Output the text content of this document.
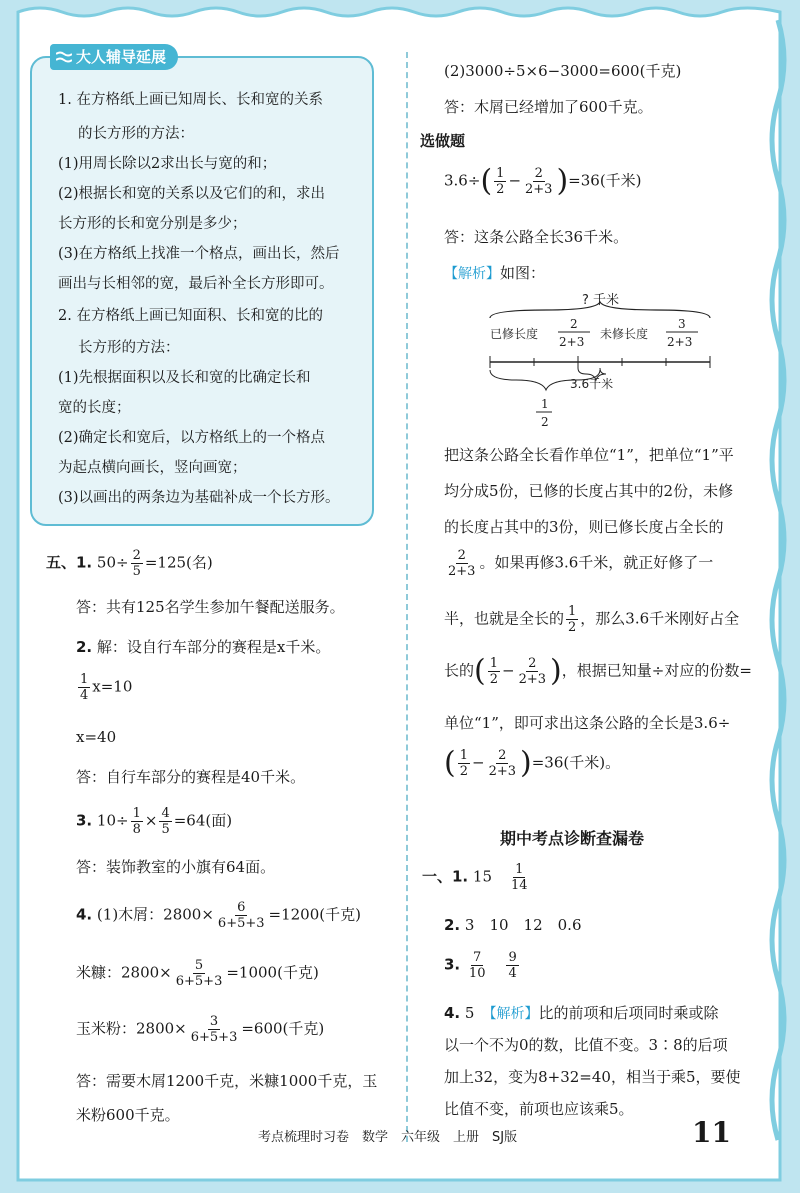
大人辅导延展
1. 在方格纸上画已知周长、长和宽的关系
的长方形的方法：
(1)用周长除以2求出长与宽的和；
(2)根据长和宽的关系以及它们的和，求出
长方形的长和宽分别是多少；
(3)在方格纸上找准一个格点，画出长，然后
画出与长相邻的宽，最后补全长方形即可。
2. 在方格纸上画已知面积、长和宽的比的
长方形的方法：
(1)先根据面积以及长和宽的比确定长和
宽的长度；
(2)确定长和宽后，以方格纸上的一个格点
为起点横向画长，竖向画宽；
(3)以画出的两条边为基础补成一个长方形。
五、1. $50\div \frac{2}{5} =125$(名)
答：共有125名学生参加午餐配送服务。
2. 解：设自行车部分的赛程是x千米。
$\frac{1}{4} x=10$
x=40
答：自行车部分的赛程是40千米。
3. $10\div \frac{1}{8} \times \frac{4}{5} =64$(面)
答：装饰教室的小旗有64面。
4. (1)木屑：$2800\times \frac{6}{6+5+3} =1200$(千克)
米糠：$2800\times \frac{5}{6+5+3} =1000$(千克)
玉米粉：$2800\times \frac{3}{6+5+3} =600$(千克)
答：需要木屑1200千克，米糠1000千克，玉
米粉600千克。
(2)3000÷5×6−3000=600(千克)
答：木屑已经增加了600千克。
选做题
$3.6\div( \frac{1}{2} - \frac{2}{2+3} )=36$(千米)
答：这条公路全长36千米。
【解析】如图：
? 千米
已修长度
2
2+3
未修长度
3
2+3
3.6千米
1
2
把这条公路全长看作单位“1”，把单位“1”平
均分成5份，已修的长度占其中的2份，未修
的长度占其中的3份，则已修长度占全长的
$\frac{2}{2+3}$ 。如果再修3.6千米，就正好修了一
半，也就是全长的 $\frac{1}{2}$ ，那么3.6千米刚好占全
长的( $\frac{1}{2} - \frac{2}{2+3}$ )，根据已知量÷对应的份数=
单位“1”，即可求出这条公路的全长是3.6÷
( $\frac{1}{2} - \frac{2}{2+3} )=36$(千米)。
期中考点诊断查漏卷
一、1. 15　 $\frac{1}{14}$
2. 3　10　12　0.6
3. $\frac{7}{10}$
　 $\frac{9}{4}$
4. 5　 【解析】比的前项和后项同时乘或除
以一个不为0的数，比值不变。3∶8的后项
加上32，变为8+32=40，相当于乘5，要使
比值不变，前项也应该乘5。
考点梳理时习卷　数学　六年级　上册　SJ版	11
